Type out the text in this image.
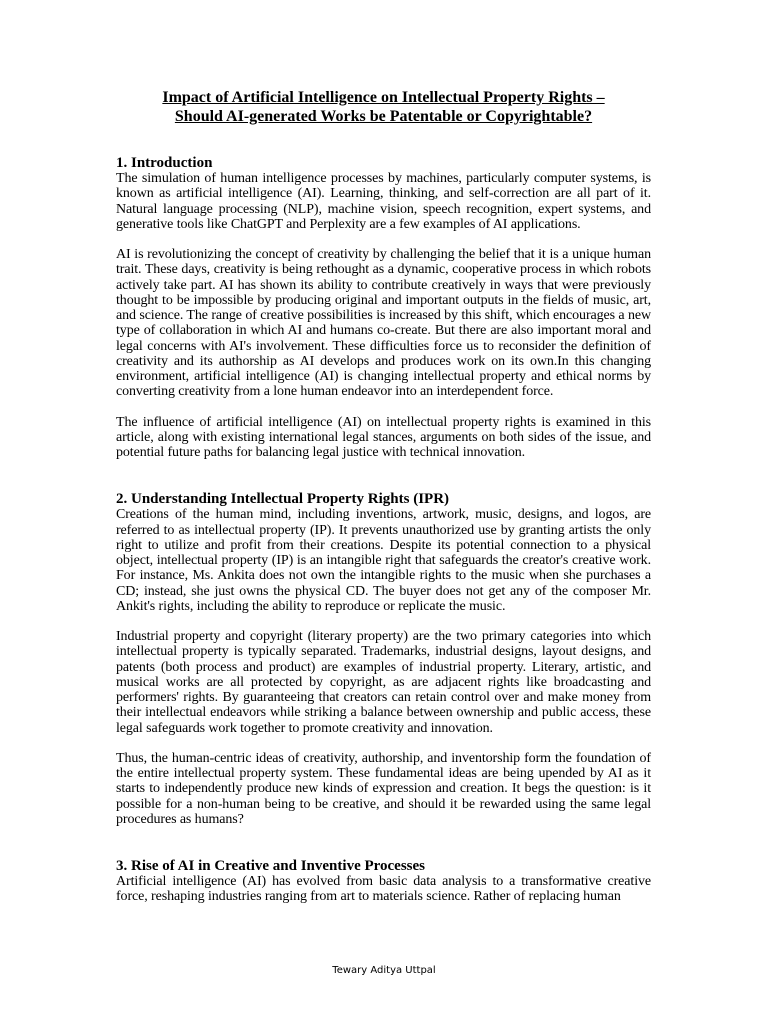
Impact of Artificial Intelligence on Intellectual Property Rights –
Should AI-generated Works be Patentable or Copyrightable?
1. Introduction

The simulation of human intelligence processes by machines, particularly computer systems, is known as artificial intelligence (AI). Learning, thinking, and self-correction are all part of it. Natural language processing (NLP), machine vision, speech recognition, expert systems, and generative tools like ChatGPT and Perplexity are a few examples of AI applications.

AI is revolutionizing the concept of creativity by challenging the belief that it is a unique human trait. These days, creativity is being rethought as a dynamic, cooperative process in which robots actively take part. AI has shown its ability to contribute creatively in ways that were previously thought to be impossible by producing original and important outputs in the fields of music, art, and science. The range of creative possibilities is increased by this shift, which encourages a new type of collaboration in which AI and humans co-create. But there are also important moral and legal concerns with AI's involvement. These difficulties force us to reconsider the definition of creativity and its authorship as AI develops and produces work on its own.In this changing environment, artificial intelligence (AI) is changing intellectual property and ethical norms by converting creativity from a lone human endeavor into an interdependent force.

The influence of artificial intelligence (AI) on intellectual property rights is examined in this article, along with existing international legal stances, arguments on both sides of the issue, and potential future paths for balancing legal justice with technical innovation.

2. Understanding Intellectual Property Rights (IPR)

Creations of the human mind, including inventions, artwork, music, designs, and logos, are referred to as intellectual property (IP). It prevents unauthorized use by granting artists the only right to utilize and profit from their creations. Despite its potential connection to a physical object, intellectual property (IP) is an intangible right that safeguards the creator's creative work. For instance, Ms. Ankita does not own the intangible rights to the music when she purchases a CD; instead, she just owns the physical CD. The buyer does not get any of the composer Mr. Ankit's rights, including the ability to reproduce or replicate the music.

Industrial property and copyright (literary property) are the two primary categories into which intellectual property is typically separated. Trademarks, industrial designs, layout designs, and patents (both process and product) are examples of industrial property. Literary, artistic, and musical works are all protected by copyright, as are adjacent rights like broadcasting and performers' rights. By guaranteeing that creators can retain control over and make money from their intellectual endeavors while striking a balance between ownership and public access, these legal safeguards work together to promote creativity and innovation.

Thus, the human-centric ideas of creativity, authorship, and inventorship form the foundation of the entire intellectual property system. These fundamental ideas are being upended by AI as it starts to independently produce new kinds of expression and creation. It begs the question: is it possible for a non-human being to be creative, and should it be rewarded using the same legal procedures as humans?

3. Rise of AI in Creative and Inventive Processes

Artificial intelligence (AI) has evolved from basic data analysis to a transformative creative force, reshaping industries ranging from art to materials science. Rather of replacing human

Tewary Aditya Uttpal
